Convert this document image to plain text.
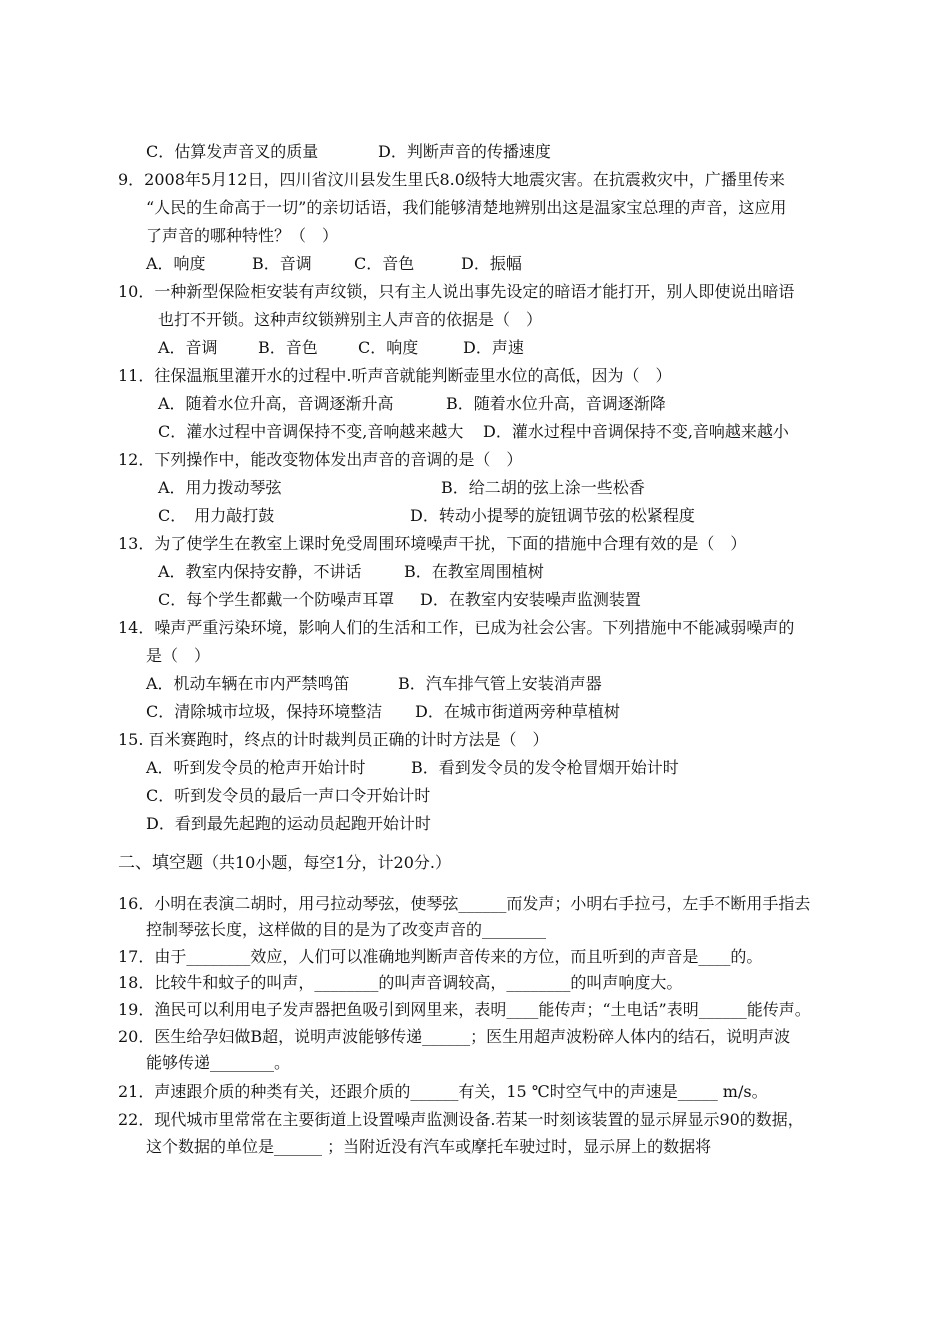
C．估算发声音叉的质量	D．判断声音的传播速度
9．2008年5月12日，四川省汶川县发生里氏8.0级特大地震灾害。在抗震救灾中，广播里传来
“人民的生命高于一切”的亲切话语，我们能够清楚地辨别出这是温家宝总理的声音，这应用
了声音的哪种特性？（　）
A．响度	B．音调	C．音色	D．振幅
10．一种新型保险柜安装有声纹锁，只有主人说出事先设定的暗语才能打开，别人即使说出暗语
也打不开锁。这种声纹锁辨别主人声音的依据是（　）
A．音调	B．音色	C．响度	D．声速
11．往保温瓶里灌开水的过程中.听声音就能判断壶里水位的高低，因为（　）
A．随着水位升高，音调逐渐升高	B．随着水位升高，音调逐渐降
C．灌水过程中音调保持不变,音响越来越大 D．灌水过程中音调保持不变,音响越来越小
12．下列操作中，能改变物体发出声音的音调的是（　）
A．用力拨动琴弦	B．给二胡的弦上涂一些松香
C．　用力敲打鼓	D．转动小提琴的旋钮调节弦的松紧程度
13．为了使学生在教室上课时免受周围环境噪声干扰，下面的措施中合理有效的是（　）
A．教室内保持安静，不讲话	B．在教室周围植树
C．每个学生都戴一个防噪声耳罩 D．在教室内安装噪声监测装置
14．噪声严重污染环境，影响人们的生活和工作，已成为社会公害。下列措施中不能减弱噪声的
是（　）
A．机动车辆在市内严禁鸣笛	B．汽车排气管上安装消声器
C．清除城市垃圾，保持环境整洁 D．在城市街道两旁种草植树
15. 百米赛跑时，终点的计时裁判员正确的计时方法是（　）
A．听到发令员的枪声开始计时	B．看到发令员的发令枪冒烟开始计时
C．听到发令员的最后一声口令开始计时
D．看到最先起跑的运动员起跑开始计时
二、填空题（共10小题，每空1分，计20分.）
16．小明在表演二胡时，用弓拉动琴弦，使琴弦______而发声；小明右手拉弓，左手不断用手指去
控制琴弦长度，这样做的目的是为了改变声音的________
17．由于________效应，人们可以准确地判断声音传来的方位，而且听到的声音是____的。
18．比较牛和蚊子的叫声，________的叫声音调较高，________的叫声响度大。
19．渔民可以利用电子发声器把鱼吸引到网里来，表明____能传声；“土电话”表明______能传声。
20．医生给孕妇做B超，说明声波能够传递______；医生用超声波粉碎人体内的结石，说明声波
能够传递________。
21．声速跟介质的种类有关，还跟介质的______有关，15 ℃时空气中的声速是_____ m/s。
22．现代城市里常常在主要街道上设置噪声监测设备.若某一时刻该装置的显示屏显示90的数据，
这个数据的单位是______ ；当附近没有汽车或摩托车驶过时，显示屏上的数据将
